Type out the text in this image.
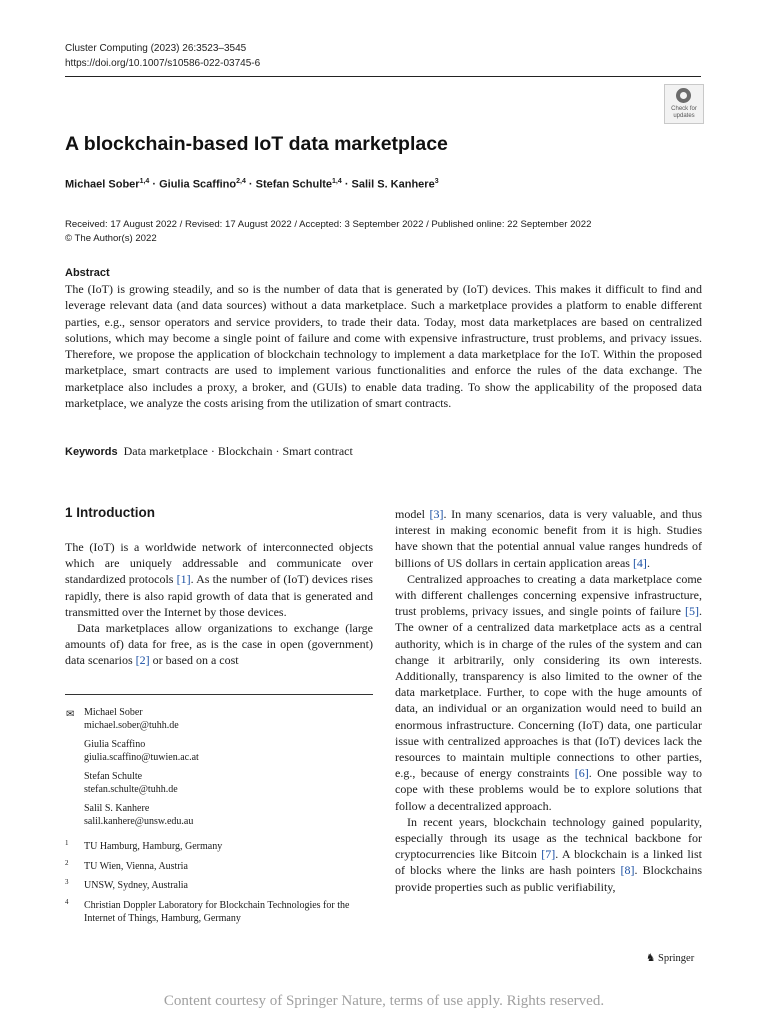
Cluster Computing (2023) 26:3523–3545
https://doi.org/10.1007/s10586-022-03745-6
Check for updates
A blockchain-based IoT data marketplace
Michael Sober$^{1,4}$ · Giulia Scaffino$^{2,4}$ · Stefan Schulte$^{1,4}$ · Salil S. Kanhere$^3$
Received: 17 August 2022 / Revised: 17 August 2022 / Accepted: 3 September 2022 / Published online: 22 September 2022
© The Author(s) 2022
Abstract
The (IoT) is growing steadily, and so is the number of data that is generated by (IoT) devices. This makes it difficult to find and leverage relevant data (and data sources) without a data marketplace. Such a marketplace provides a platform to enable different parties, e.g., sensor operators and service providers, to trade their data. Today, most data marketplaces are based on centralized solutions, which may become a single point of failure and come with expensive infrastructure, trust problems, and privacy issues. Therefore, we propose the application of blockchain technology to implement a data marketplace for the IoT. Within the proposed marketplace, smart contracts are used to implement various functionalities and enforce the rules of the data exchange. The marketplace also includes a proxy, a broker, and (GUIs) to enable data trading. To show the applicability of the proposed data marketplace, we analyze the costs arising from the utilization of smart contracts.
Keywords Data marketplace · Blockchain · Smart contract
1 Introduction

The (IoT) is a worldwide network of interconnected objects which are uniquely addressable and communicate over standardized protocols [1]. As the number of (IoT) devices rises rapidly, there is also rapid growth of data that is generated and transmitted over the Internet by those devices.

Data marketplaces allow organizations to exchange (large amounts of) data for free, as is the case in open (government) data scenarios [2] or based on a cost

model [3]. In many scenarios, data is very valuable, and thus interest in making economic benefit from it is high. Studies have shown that the potential annual value ranges hundreds of billions of US dollars in certain application areas [4].

Centralized approaches to creating a data marketplace come with different challenges concerning expensive infrastructure, trust problems, privacy issues, and single points of failure [5]. The owner of a centralized data marketplace acts as a central authority, which is in charge of the rules of the system and can change it arbitrarily, only considering its own interests. Additionally, transparency is also limited to the owner of the data marketplace. Further, to cope with the huge amounts of data, an individual or an organization would need to build an enormous infrastructure. Concerning (IoT) data, one particular issue with centralized approaches is that (IoT) devices lack the resources to maintain multiple connections to other parties, e.g., because of energy constraints [6]. One possible way to cope with these problems would be to explore solutions that follow a decentralized approach.

In recent years, blockchain technology gained popularity, especially through its usage as the technical backbone for cryptocurrencies like Bitcoin [7]. A blockchain is a linked list of blocks where the links are hash pointers [8]. Blockchains provide properties such as public verifiability,

✉ Michael Sober
michael.sober@tuhh.de
Giulia Scaffino
giulia.scaffino@tuwien.ac.at
Stefan Schulte
stefan.schulte@tuhh.de
Salil S. Kanhere
salil.kanhere@unsw.edu.au
1 TU Hamburg, Hamburg, Germany
2 TU Wien, Vienna, Austria
3 UNSW, Sydney, Australia
4 Christian Doppler Laboratory for Blockchain Technologies for the Internet of Things, Hamburg, Germany
♞ Springer
Content courtesy of Springer Nature, terms of use apply. Rights reserved.
